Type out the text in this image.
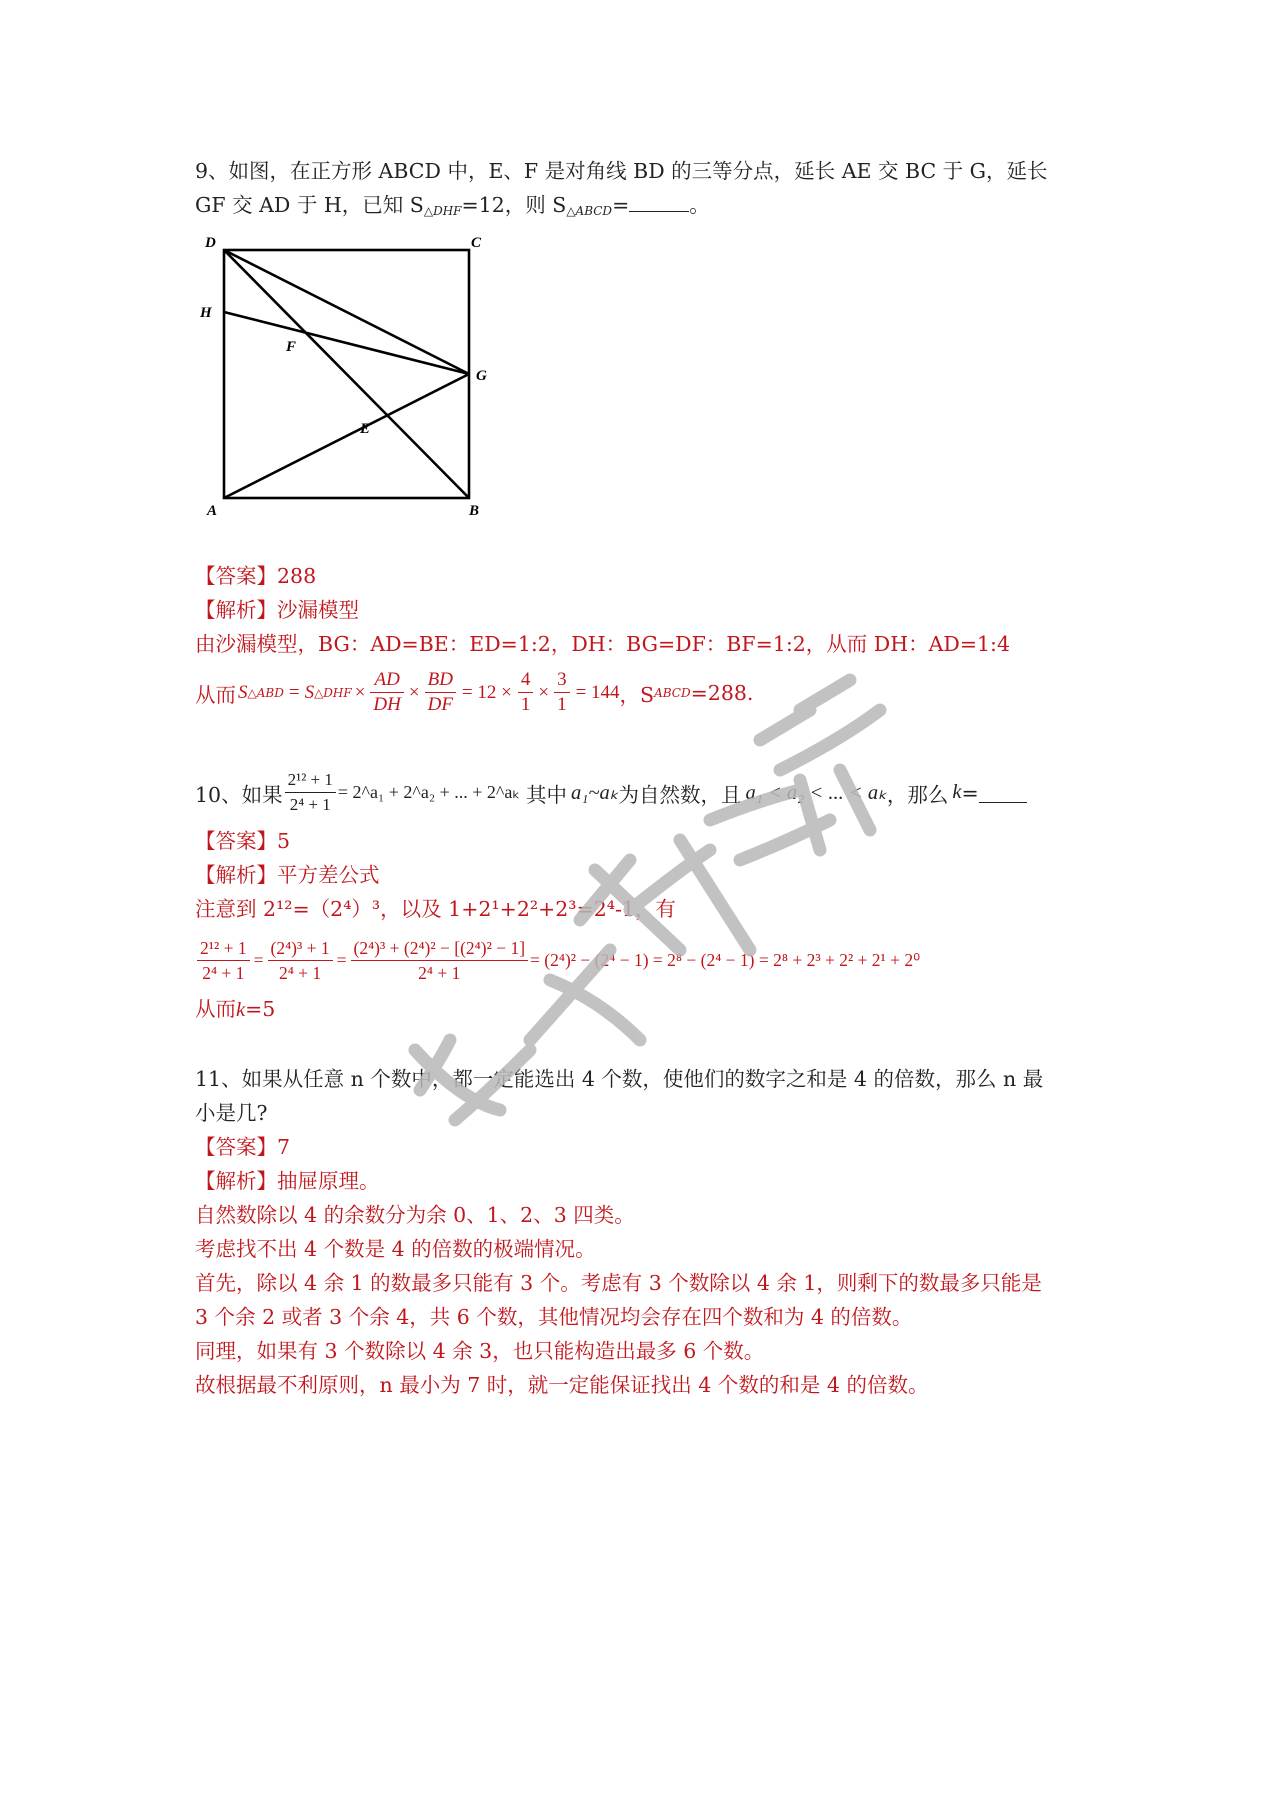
9、如图，在正方形 ABCD 中，E、F 是对角线 BD 的三等分点，延长 AE 交 BC 于 G，延长
GF 交 AD 于 H，已知 $S_{\triangle DHF}=12$，则 $S_{\triangle ABCD}=$	。
D	C
H
F
G
E
A	B
【答案】288
【解析】沙漏模型
由沙漏模型，BG：AD=BE：ED=1:2，DH：BG=DF：BF=1:2，从而 DH：AD=1:4
从而 S △ABD = S △DHF × $\frac{AD}{DH} \times \frac{BD}{DF} = 12 \times \frac{4}{1} \times \frac{3}{1} = 144$ ，S ABCD =288.
10、如果 $\frac{\text{2¹² + 1}}{\text{2⁴ + 1}}$ = 2^a₁ + 2^a₂ + ... + 2^aₖ 其中 a₁~aₖ 为自然数，且 a₁ < a₂ < ... < aₖ ，那么 k =
【答案】5
【解析】平方差公式
注意到 2¹²=（2⁴）³，以及 1+2¹+2²+2³=2⁴-1，有
$\frac{\text{2¹² + 1}}{\text{2⁴ + 1}} = \frac{\text{(2⁴)³ + 1}}{\text{2⁴ + 1}} = \frac{\text{(2⁴)³ + (2⁴)² − [(2⁴)² − 1]}}{\text{2⁴ + 1}} = (2^4)^2 - (2^4 - 1) = 2^8 - (2^4 - 1) = 2^8 + 2^3 + 2^2 + 2^1 + 2^0$
从而k=5
11、如果从任意 n 个数中，都一定能选出 4 个数，使他们的数字之和是 4 的倍数，那么 n 最
小是几?
【答案】7
【解析】抽屉原理。
自然数除以 4 的余数分为余 0、1、2、3 四类。
考虑找不出 4 个数是 4 的倍数的极端情况。
首先，除以 4 余 1 的数最多只能有 3 个。考虑有 3 个数除以 4 余 1，则剩下的数最多只能是
3 个余 2 或者 3 个余 4，共 6 个数，其他情况均会存在四个数和为 4 的倍数。
同理，如果有 3 个数除以 4 余 3，也只能构造出最多 6 个数。
故根据最不利原则，n 最小为 7 时，就一定能保证找出 4 个数的和是 4 的倍数。
